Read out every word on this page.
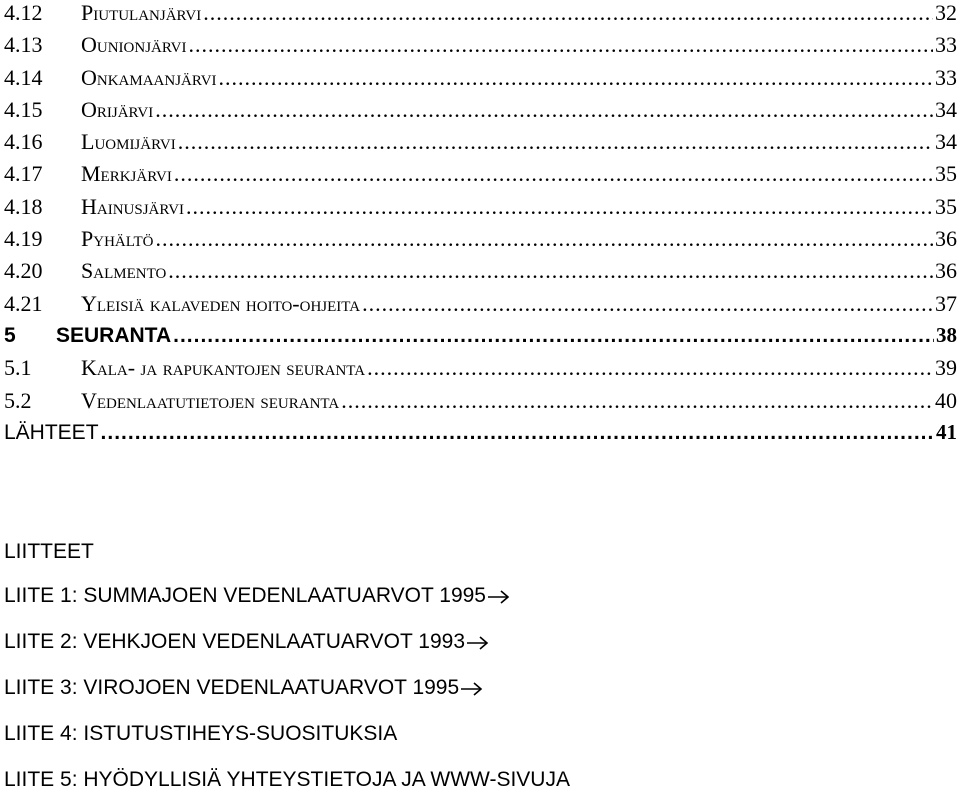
4.12	Piutulanjärvi .....	32
4.13	Ounionjärvi .....	33
4.14	Onkamaanjärvi .....	33
4.15	Orijärvi .....	34
4.16	Luomijärvi .....	34
4.17	Merkjärvi .....	35
4.18	Hainusjärvi .....	35
4.19	Pyhältö .....	36
4.20	Salmento .....	36
4.21	Yleisiä kalaveden hoito-ohjeita .....	37
5	SEURANTA .....	38
5.1	Kala- ja rapukantojen seuranta .....	39
5.2	Vedenlaatutietojen seuranta .....	40
LÄHTEET .....	41
LIITTEET
LIITE 1: SUMMAJOEN VEDENLAATUARVOT 1995
LIITE 2: VEHKJOEN VEDENLAATUARVOT 1993
LIITE 3: VIROJOEN VEDENLAATUARVOT 1995
LIITE 4: ISTUTUSTIHEYS-SUOSITUKSIA
LIITE 5: HYÖDYLLISIÄ YHTEYSTIETOJA JA WWW-SIVUJA
